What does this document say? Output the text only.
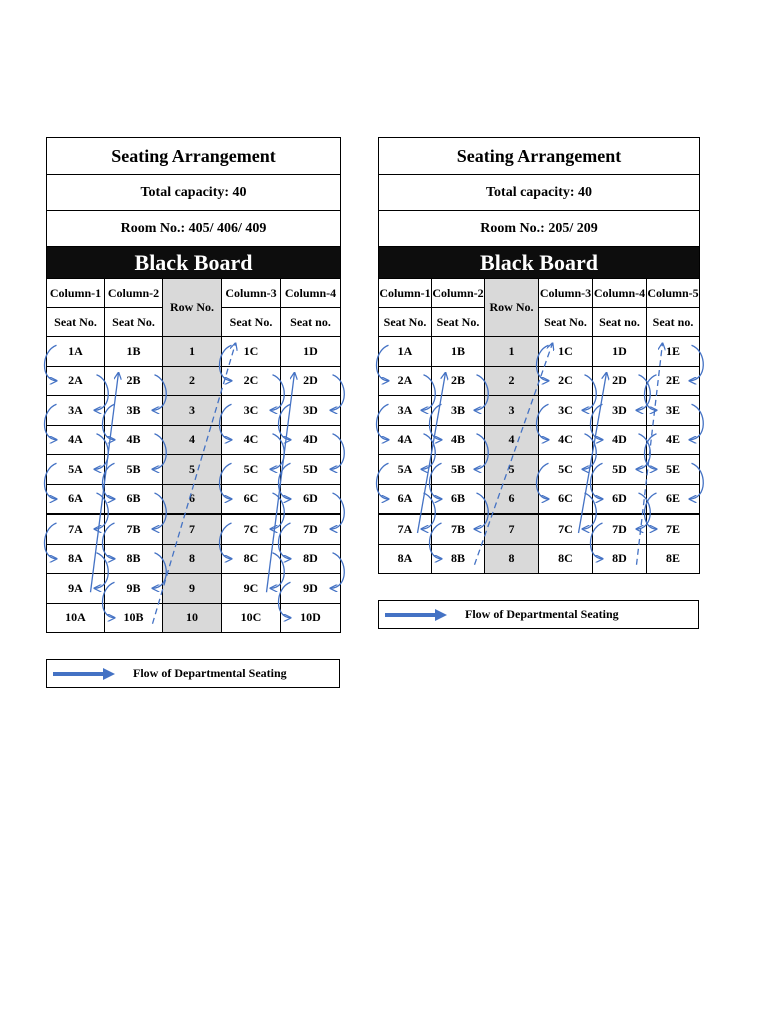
Seating Arrangement				
Total capacity: 40				
Room No.: 405/ 406/ 409				
Black Board				
Column-1	Column-2	Row No.	Column-3	Column-4
Seat No.	Seat No.		Seat No.	Seat no.
1A	1B	1	1C	1D
2A	2B	2	2C	2D
3A	3B	3	3C	3D
4A	4B	4	4C	4D
5A	5B	5	5C	5D
6A	6B	6	6C	6D
7A	7B	7	7C	7D
8A	8B	8	8C	8D
9A	9B	9	9C	9D
10A	10B	10	10C	10D
Seating Arrangement					
Total capacity: 40					
Room No.: 205/ 209					
Black Board					
Column-1	Column-2	Row No.	Column-3	Column-4	Column-5
Seat No.	Seat No.		Seat No.	Seat no.	Seat no.
1A	1B	1	1C	1D	1E
2A	2B	2	2C	2D	2E
3A	3B	3	3C	3D	3E
4A	4B	4	4C	4D	4E
5A	5B	5	5C	5D	5E
6A	6B	6	6C	6D	6E
7A	7B	7	7C	7D	7E
8A	8B	8	8C	8D	8E
Flow of Departmental Seating
Flow of Departmental Seating
